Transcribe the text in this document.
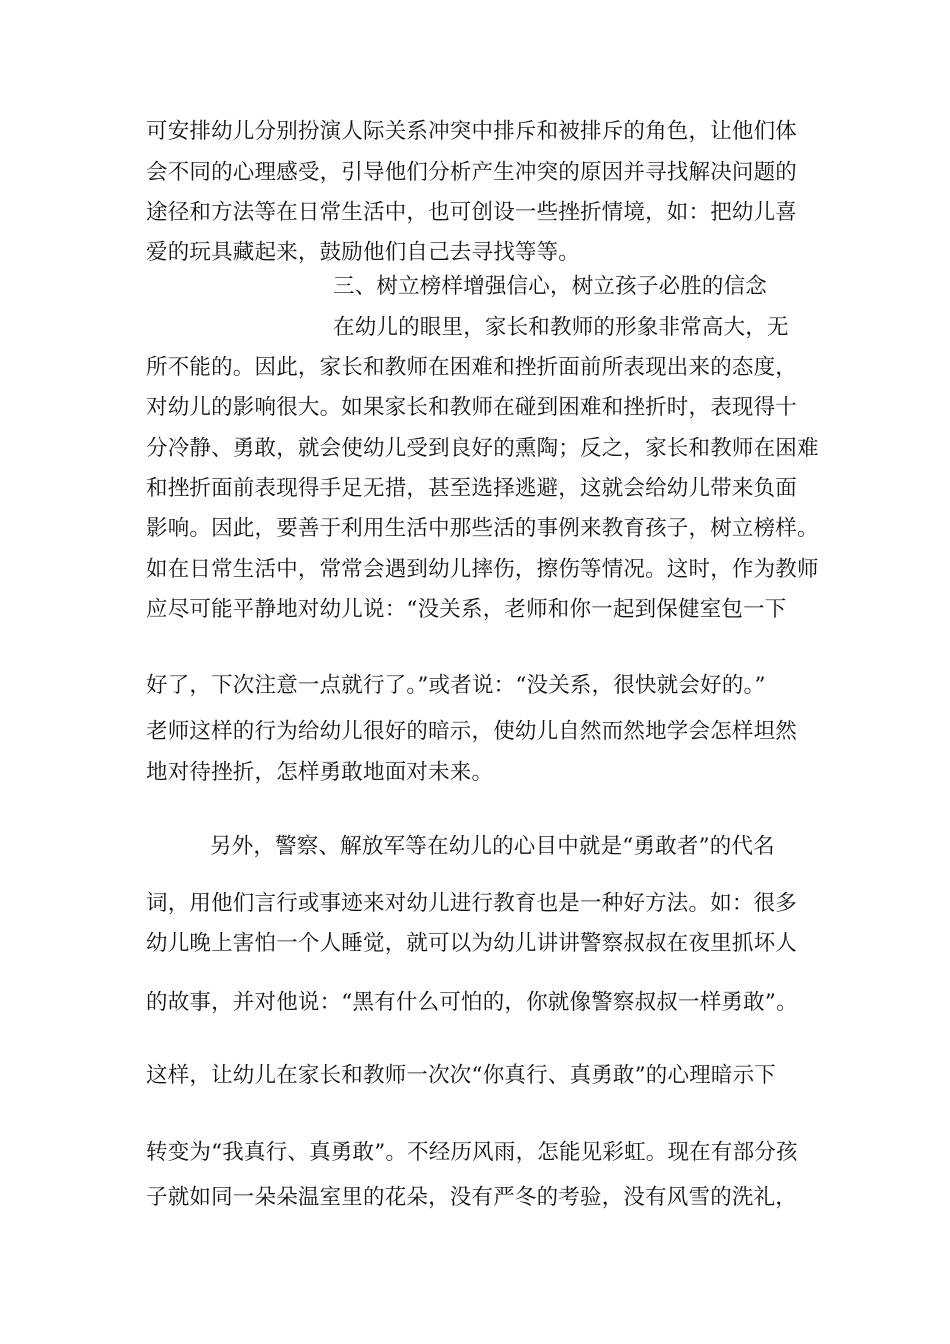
可安排幼儿分别扮演人际关系冲突中排斥和被排斥的角色，让他们体
会不同的心理感受，引导他们分析产生冲突的原因并寻找解决问题的
途径和方法等在日常生活中，也可创设一些挫折情境，如：把幼儿喜
爱的玩具藏起来，鼓励他们自己去寻找等等。
三、树立榜样增强信心，树立孩子必胜的信念
在幼儿的眼里，家长和教师的形象非常高大，无
所不能的。因此，家长和教师在困难和挫折面前所表现出来的态度，
对幼儿的影响很大。如果家长和教师在碰到困难和挫折时，表现得十
分冷静、勇敢，就会使幼儿受到良好的熏陶；反之，家长和教师在困难
和挫折面前表现得手足无措，甚至选择逃避，这就会给幼儿带来负面
影响。因此，要善于利用生活中那些活的事例来教育孩子，树立榜样。
如在日常生活中，常常会遇到幼儿摔伤，擦伤等情况。这时，作为教师
应尽可能平静地对幼儿说：“没关系，老师和你一起到保健室包一下
好了，下次注意一点就行了。”或者说：“没关系，很快就会好的。”
老师这样的行为给幼儿很好的暗示，使幼儿自然而然地学会怎样坦然
地对待挫折，怎样勇敢地面对未来。
另外，警察、解放军等在幼儿的心目中就是“勇敢者”的代名
词，用他们言行或事迹来对幼儿进行教育也是一种好方法。如：很多
幼儿晚上害怕一个人睡觉，就可以为幼儿讲讲警察叔叔在夜里抓坏人
的故事，并对他说：“黑有什么可怕的，你就像警察叔叔一样勇敢”。
这样，让幼儿在家长和教师一次次“你真行、真勇敢”的心理暗示下
转变为“我真行、真勇敢”。不经历风雨，怎能见彩虹。现在有部分孩
子就如同一朵朵温室里的花朵，没有严冬的考验，没有风雪的洗礼，
